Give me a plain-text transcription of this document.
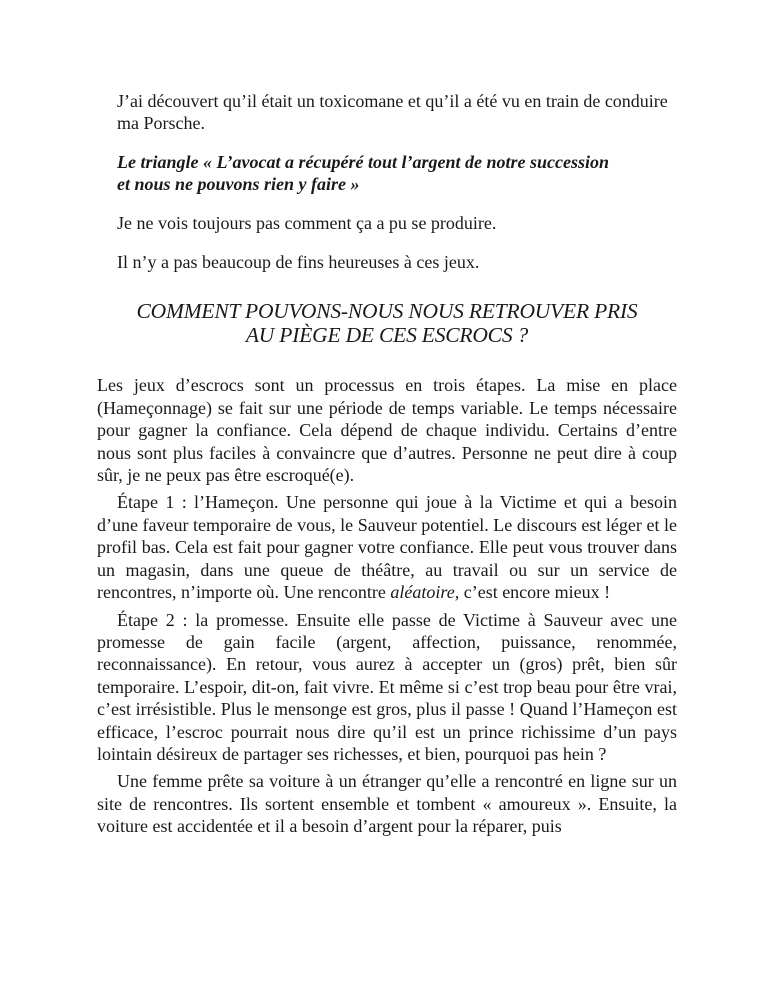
J’ai découvert qu’il était un toxicomane et qu’il a été vu en train de conduire ma Porsche.

Le triangle « L’avocat a récupéré tout l’argent de notre succession
et nous ne pouvons rien y faire »

Je ne vois toujours pas comment ça a pu se produire.

Il n’y a pas beaucoup de fins heureuses à ces jeux.

COMMENT POUVONS-NOUS NOUS RETROUVER PRIS
AU PIÈGE DE CES ESCROCS ?

Les jeux d’escrocs sont un processus en trois étapes. La mise en place (Hameçonnage) se fait sur une période de temps variable. Le temps nécessaire pour gagner la confiance. Cela dépend de chaque individu. Certains d’entre nous sont plus faciles à convaincre que d’autres. Personne ne peut dire à coup sûr, je ne peux pas être escroqué(e).

Étape 1 : l’Hameçon. Une personne qui joue à la Victime et qui a besoin d’une faveur temporaire de vous, le Sauveur potentiel. Le discours est léger et le profil bas. Cela est fait pour gagner votre confiance. Elle peut vous trouver dans un magasin, dans une queue de théâtre, au travail ou sur un service de rencontres, n’importe où. Une rencontre aléatoire, c’est encore mieux !

Étape 2 : la promesse. Ensuite elle passe de Victime à Sauveur avec une promesse de gain facile (argent, affection, puissance, renommée, reconnaissance). En retour, vous aurez à accepter un (gros) prêt, bien sûr temporaire. L’espoir, dit-on, fait vivre. Et même si c’est trop beau pour être vrai, c’est irrésistible. Plus le mensonge est gros, plus il passe ! Quand l’Hameçon est efficace, l’escroc pourrait nous dire qu’il est un prince richissime d’un pays lointain désireux de partager ses richesses, et bien, pourquoi pas hein ?

Une femme prête sa voiture à un étranger qu’elle a rencontré en ligne sur un site de rencontres. Ils sortent ensemble et tombent « amoureux ». Ensuite, la voiture est accidentée et il a besoin d’argent pour la réparer, puis
